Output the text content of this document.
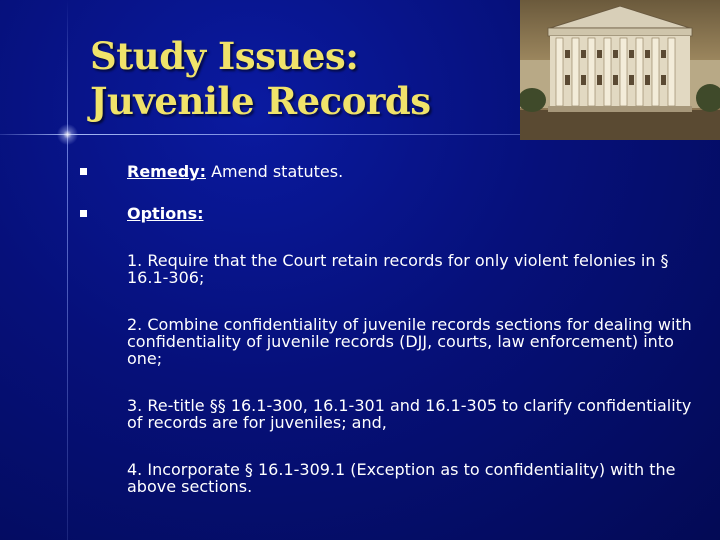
Study Issues:
Juvenile Records
Remedy: Amend statutes.
Options:
1. Require that the Court retain records for only violent felonies in § 16.1-306;
2. Combine confidentiality of juvenile records sections for dealing with confidentiality of juvenile records (DJJ, courts, law enforcement) into one;
3. Re-title §§ 16.1-300, 16.1-301 and 16.1-305 to clarify confidentiality of records are for juveniles; and,
4. Incorporate § 16.1-309.1 (Exception as to confidentiality) with the above sections.
